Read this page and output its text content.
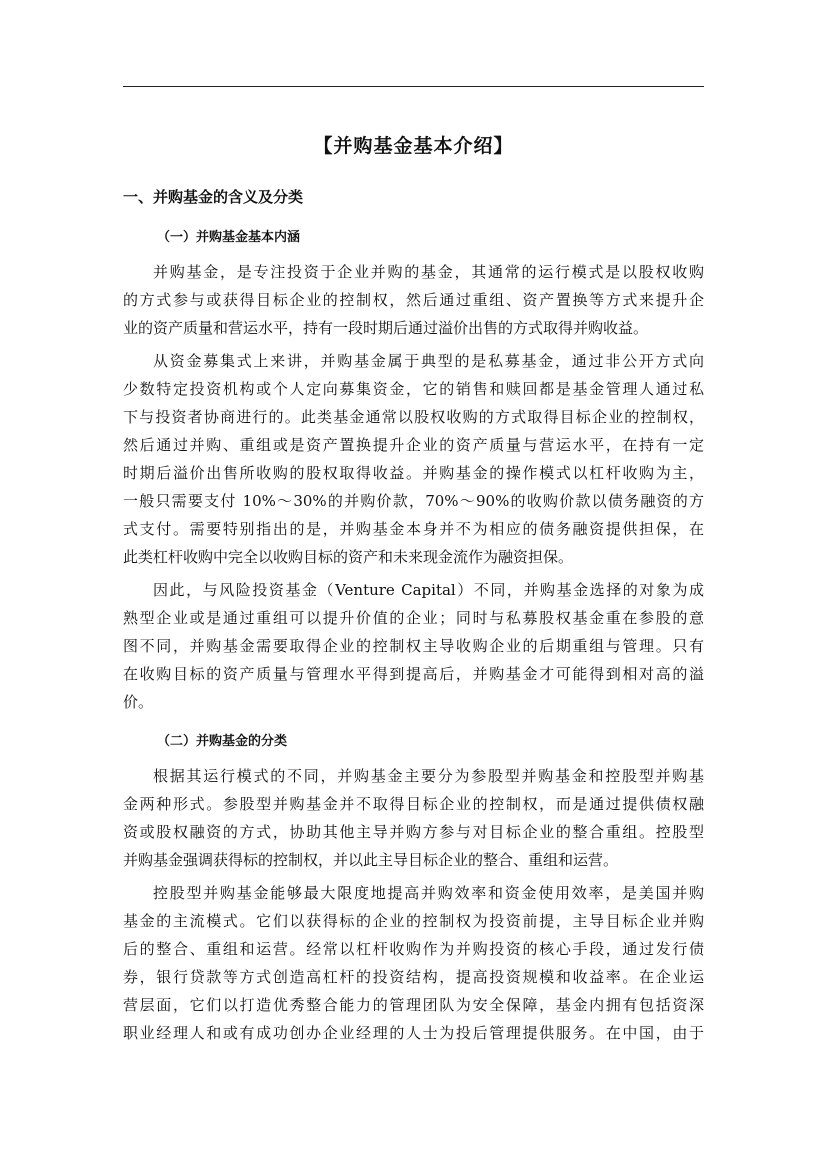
【并购基金基本介绍】
一、并购基金的含义及分类
（一）并购基金基本内涵
并购基金，是专注投资于企业并购的基金，其通常的运行模式是以股权收购
的方式参与或获得目标企业的控制权，然后通过重组、资产置换等方式来提升企
业的资产质量和营运水平，持有一段时期后通过溢价出售的方式取得并购收益。
从资金募集式上来讲，并购基金属于典型的是私募基金，通过非公开方式向
少数特定投资机构或个人定向募集资金，它的销售和赎回都是基金管理人通过私
下与投资者协商进行的。此类基金通常以股权收购的方式取得目标企业的控制权，
然后通过并购、重组或是资产置换提升企业的资产质量与营运水平，在持有一定
时期后溢价出售所收购的股权取得收益。并购基金的操作模式以杠杆收购为主，
一般只需要支付 10%～30%的并购价款，70%～90%的收购价款以债务融资的方
式支付。需要特别指出的是，并购基金本身并不为相应的债务融资提供担保，在
此类杠杆收购中完全以收购目标的资产和未来现金流作为融资担保。
因此，与风险投资基金（Venture Capital）不同，并购基金选择的对象为成
熟型企业或是通过重组可以提升价值的企业；同时与私募股权基金重在参股的意
图不同，并购基金需要取得企业的控制权主导收购企业的后期重组与管理。只有
在收购目标的资产质量与管理水平得到提高后，并购基金才可能得到相对高的溢
价。
（二）并购基金的分类
根据其运行模式的不同，并购基金主要分为参股型并购基金和控股型并购基
金两种形式。参股型并购基金并不取得目标企业的控制权，而是通过提供债权融
资或股权融资的方式，协助其他主导并购方参与对目标企业的整合重组。控股型
并购基金强调获得标的控制权，并以此主导目标企业的整合、重组和运营。
控股型并购基金能够最大限度地提高并购效率和资金使用效率，是美国并购
基金的主流模式。它们以获得标的企业的控制权为投资前提，主导目标企业并购
后的整合、重组和运营。经常以杠杆收购作为并购投资的核心手段，通过发行债
券，银行贷款等方式创造高杠杆的投资结构，提高投资规模和收益率。在企业运
营层面，它们以打造优秀整合能力的管理团队为安全保障，基金内拥有包括资深
职业经理人和或有成功创办企业经理的人士为投后管理提供服务。在中国，由于
